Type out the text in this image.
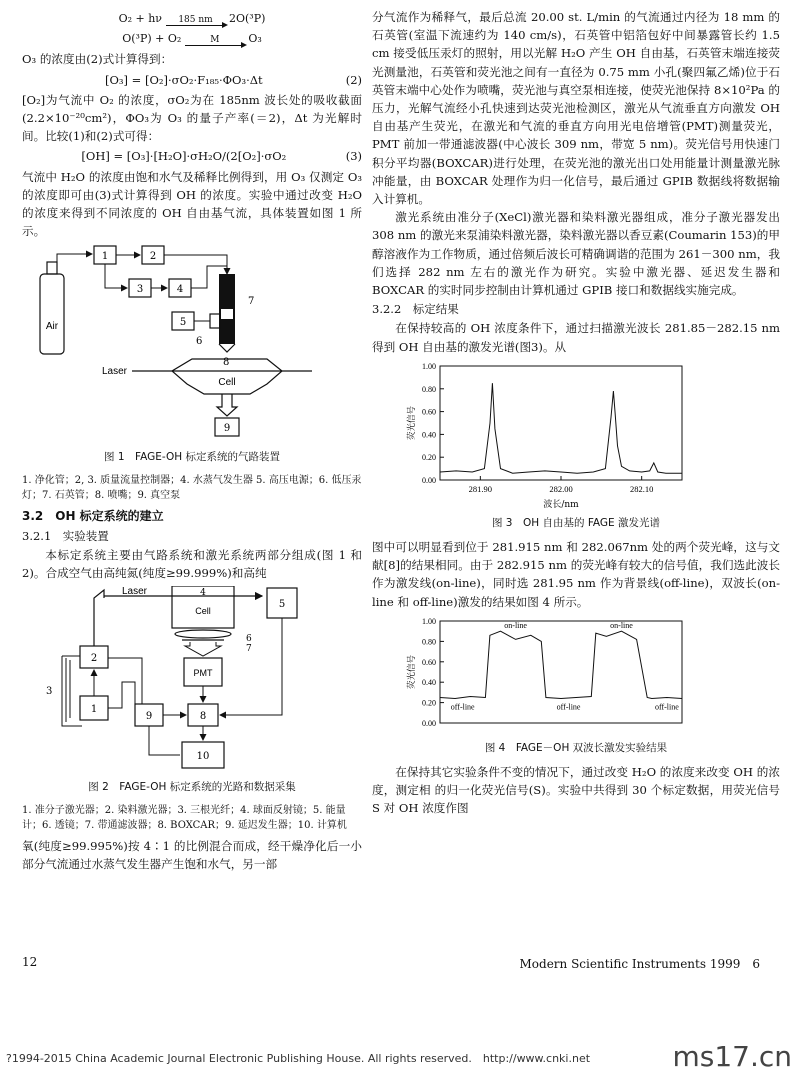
O₂ + hν	185 nm	2O(³P)
O(³P) + O₂	M	O₃

O₃ 的浓度由(2)式计算得到：

[O₃] = [O₂]·σO₂·F₁₈₅·ΦO₃·Δt	(2)

[O₂]为气流中 O₂ 的浓度，σO₂为在 185nm 波长处的吸收截面(2.2×10⁻²⁰cm²)，ΦO₃为 O₃ 的量子产率(＝2)，Δt 为光解时间。比较(1)和(2)式可得：

[OH] = [O₃]·[H₂O]·σH₂O/(2[O₂]·σO₂	(3)

气流中 H₂O 的浓度由饱和水气及稀释比例得到，用 O₃ 仅测定 O₃ 的浓度即可由(3)式计算得到 OH 的浓度。实验中通过改变 H₂O 的浓度来得到不同浓度的 OH 自由基气流，具体装置如图 1 所示。

Air
1	2
3	4
7
5
6
8
Laser
Cell
9
图 1　FAGE-OH 标定系统的气路装置
1. 净化管；2, 3. 质量流量控制器；4. 水蒸气发生器 5. 高压电源；6. 低压汞灯；7. 石英管；8. 喷嘴；9. 真空泵
3.2　OH 标定系统的建立
3.2.1　实验装置

本标定系统主要由气路系统和激光系统两部分组成(图 1 和 2)。合成空气由高纯氮(纯度≥99.999%)和高纯

Laser
5
4
Cell
6
7
PMT
8
10
9
2
1
3
图 2　FAGE-OH 标定系统的光路和数据采集
1. 准分子激光器；2. 染料激光器；3. 三根光纤；4. 球面反射镜；5. 能量计；6. 透镜；7. 带通滤波器；8. BOXCAR；9. 延迟发生器；10. 计算机

氧(纯度≥99.995%)按 4∶1 的比例混合而成，经干燥净化后一小部分气流通过水蒸气发生器产生饱和水气，另一部

分气流作为稀释气，最后总流 20.00 st. L/min 的气流通过内径为 18 mm 的石英管(室温下流速约为 140 cm/s)，石英管中铝箔包好中间暴露管长约 1.5 cm 接受低压汞灯的照射，用以光解 H₂O 产生 OH 自由基，石英管末端连接荧光测量池，石英管和荧光池之间有一直径为 0.75 mm 小孔(聚四氟乙烯)位于石英管末端中心处作为喷嘴，荧光池与真空泵相连接，使荧光池保持 8×10²Pa 的压力，光解气流经小孔快速到达荧光池检测区，激光从气流垂直方向激发 OH 自由基产生荧光，在激光和气流的垂直方向用光电倍增管(PMT)测量荧光，PMT 前加一带通滤波器(中心波长 309 nm，带宽 5 nm)。荧光信号用快速门积分平均器(BOXCAR)进行处理，在荧光池的激光出口处用能量计测量激光脉冲能量，由 BOXCAR 处理作为归一化信号，最后通过 GPIB 数据线将数据输入计算机。

激光系统由准分子(XeCl)激光器和染料激光器组成，准分子激光器发出 308 nm 的激光来泵浦染料激光器，染料激光器以香豆素(Coumarin 153)的甲醇溶液作为工作物质，通过倍频后波长可精确调谐的范围为 261－300 nm，我们选择 282 nm 左右的激光作为研究。实验中激光器、延迟发生器和 BOXCAR 的实时同步控制由计算机通过 GPIB 接口和数据线实施完成。

3.2.2　标定结果

在保持较高的 OH 浓度条件下，通过扫描激光波长 281.85－282.15 nm 得到 OH 自由基的激发光谱(图3)。从

0.00
0.20
0.40
0.60
0.80
1.00
281.90	282.00	282.10
荧光信号
波长/nm
图 3　OH 自由基的 FAGE 激发光谱

图中可以明显看到位于 281.915 nm 和 282.067nm 处的两个荧光峰，这与文献[8]的结果相同。由于 282.915 nm 的荧光峰有较大的信号值，我们选此波长作为激发线(on-line)，同时选 281.95 nm 作为背景线(off-line)，双波长(on-line 和 off-line)激发的结果如图 4 所示。

0.00
0.20
0.40
0.60
0.80
1.00
荧光信号
on-line	on-line
off-line	off-line	off-line
图 4　FAGE－OH 双波长激发实验结果

在保持其它实验条件不变的情况下，通过改变 H₂O 的浓度来改变 OH 的浓度，测定相 的归一化荧光信号(S)。实验中共得到 30 个标定数据，用荧光信号 S 对 OH 浓度作图

12	Modern Scientific Instruments 1999　6
?1994-2015 China Academic Journal Electronic Publishing House. All rights reserved.　http://www.cnki.net	ms17.cn
